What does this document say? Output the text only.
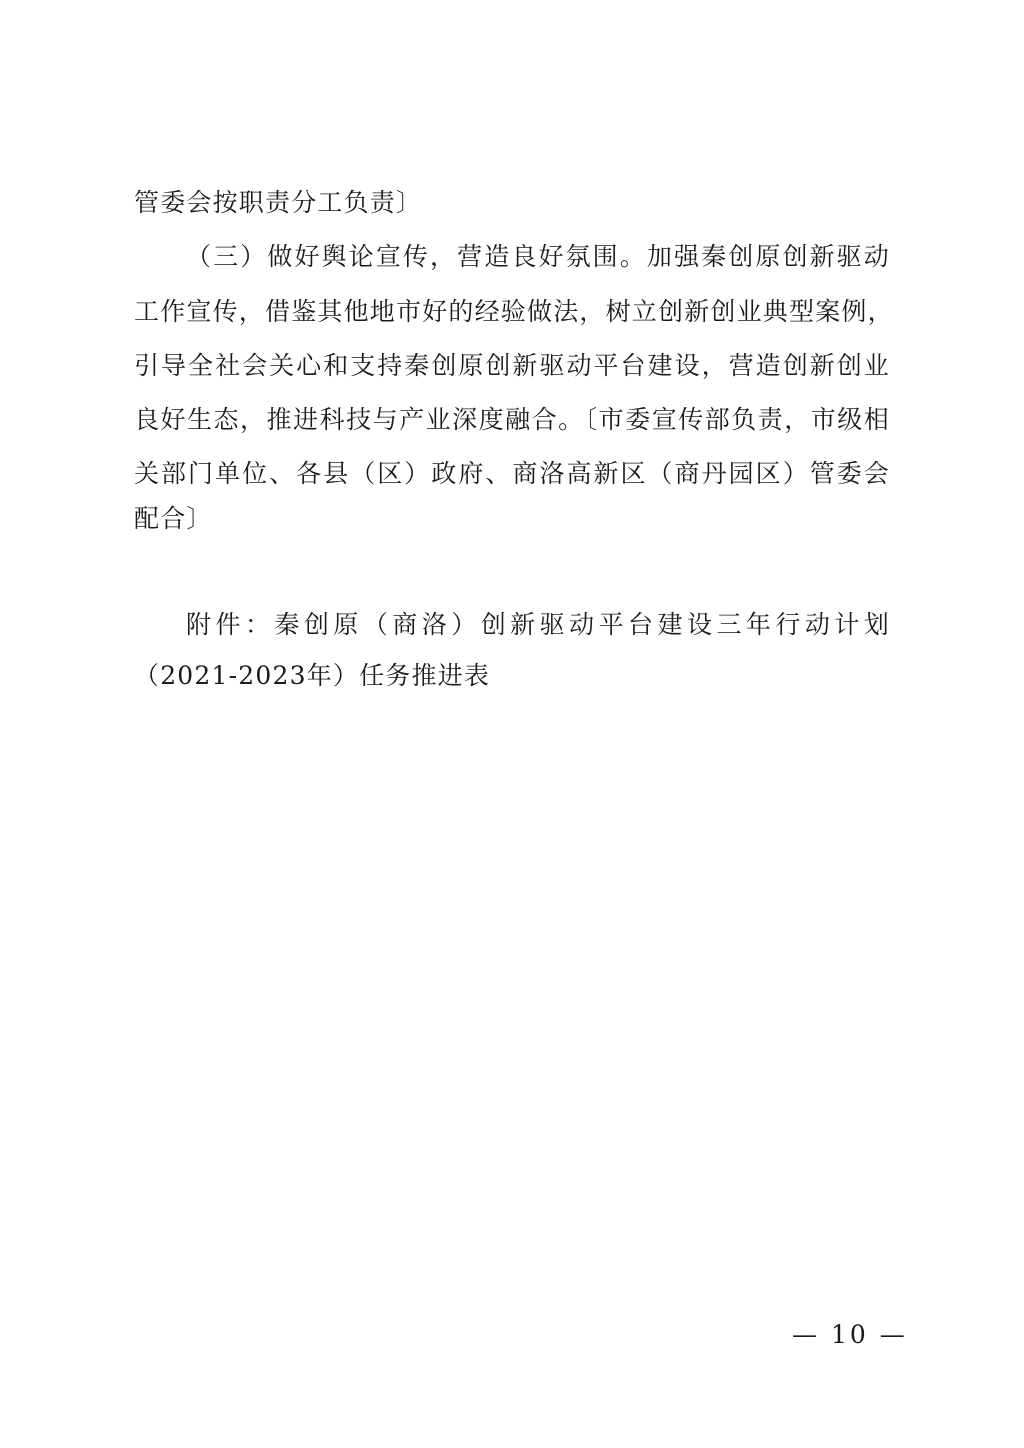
管委会按职责分工负责〕
（三）做好舆论宣传，营造良好氛围。加强秦创原创新驱动
工作宣传，借鉴其他地市好的经验做法，树立创新创业典型案例，
引导全社会关心和支持秦创原创新驱动平台建设，营造创新创业
良好生态，推进科技与产业深度融合。〔市委宣传部负责，市级相
关部门单位、各县（区）政府、商洛高新区（商丹园区）管委会
配合〕
附件：秦创原（商洛）创新驱动平台建设三年行动计划
（2021-2023年）任务推进表
— 10 —
